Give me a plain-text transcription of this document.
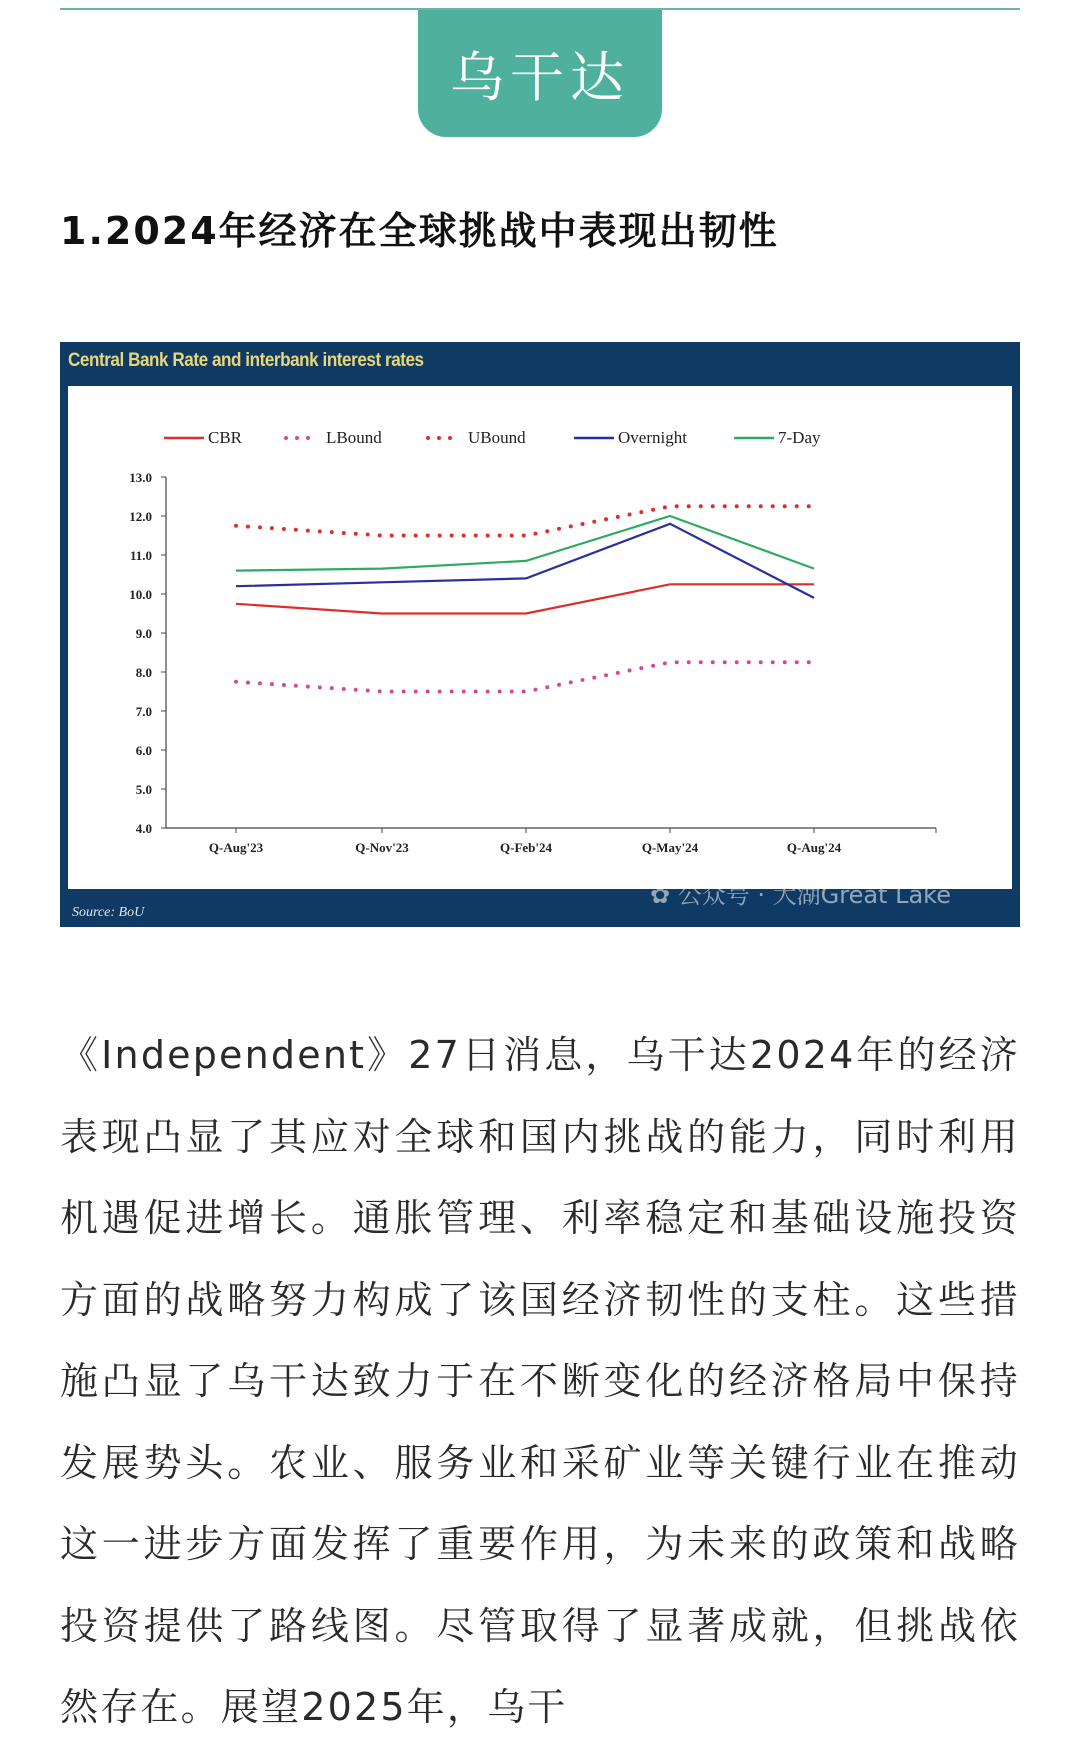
乌干达
1.2024年经济在全球挑战中表现出韧性
Central Bank Rate and interbank interest rates
13.0
12.0
11.0
10.0
9.0
8.0
7.0
6.0
5.0
4.0
Q-Aug'23	Q-Nov'23	Q-Feb'24	Q-May'24	Q-Aug'24
CBR	LBound	UBound	Overnight	7-Day
✿ 公众号 · 大湖Great Lake
Source: BoU

《Independent》27日消息，乌干达2024年的经济表现凸显了其应对全球和国内挑战的能力，同时利用机遇促进增长。通胀管理、利率稳定和基础设施投资方面的战略努力构成了该国经济韧性的支柱。这些措施凸显了乌干达致力于在不断变化的经济格局中保持发展势头。农业、服务业和采矿业等关键行业在推动这一进步方面发挥了重要作用，为未来的政策和战略投资提供了路线图。尽管取得了显著成就，但挑战依然存在。展望2025年，乌干
